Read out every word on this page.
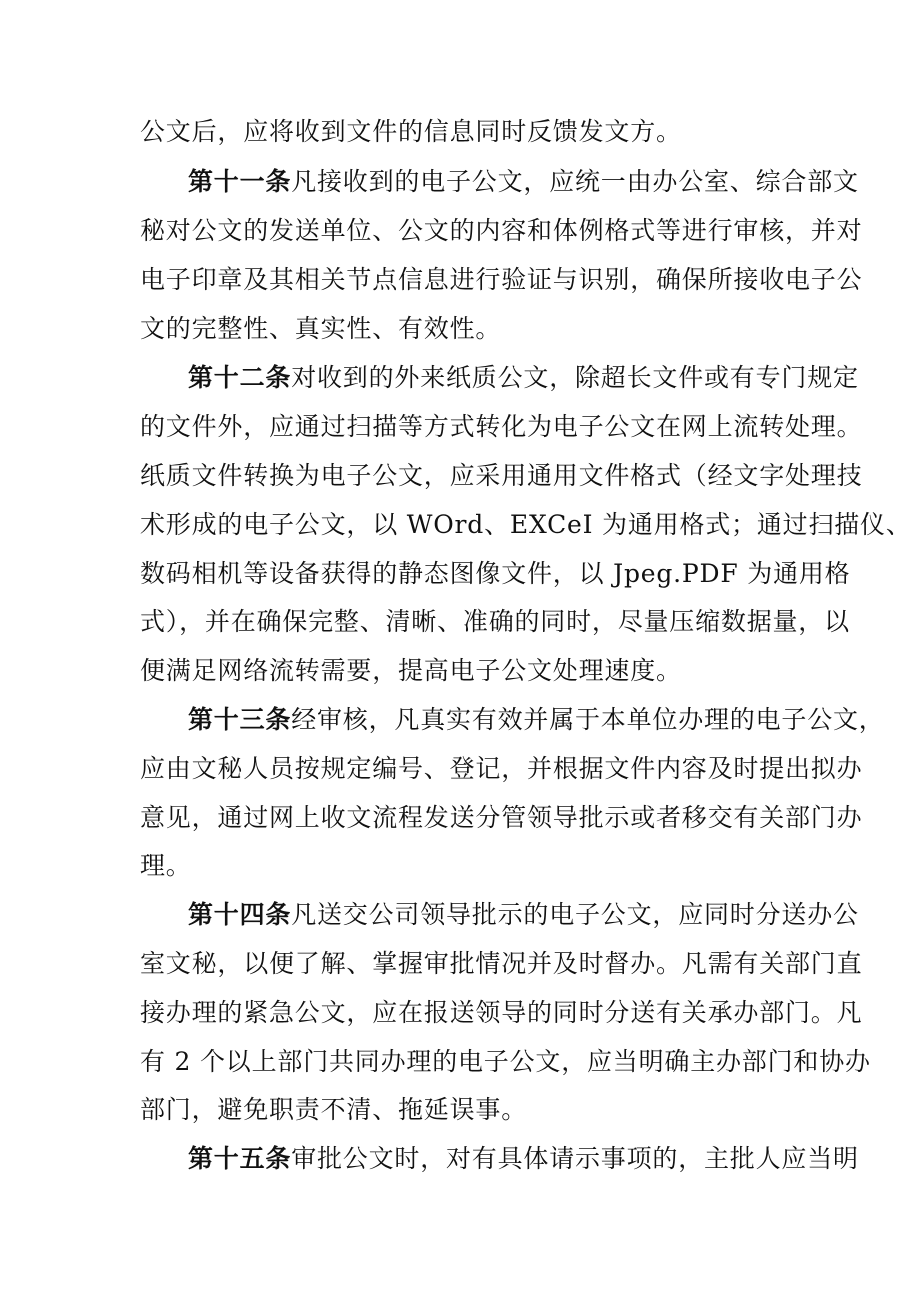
公文后，应将收到文件的信息同时反馈发文方。
第十一条凡接收到的电子公文，应统一由办公室、综合部文
秘对公文的发送单位、公文的内容和体例格式等进行审核，并对
电子印章及其相关节点信息进行验证与识别，确保所接收电子公
文的完整性、真实性、有效性。
第十二条对收到的外来纸质公文，除超长文件或有专门规定
的文件外，应通过扫描等方式转化为电子公文在网上流转处理。
纸质文件转换为电子公文，应采用通用文件格式（经文字处理技
术形成的电子公文，以 WOrd、EXCeI 为通用格式；通过扫描仪、
数码相机等设备获得的静态图像文件，以 Jpeg.PDF 为通用格
式），并在确保完整、清晰、准确的同时，尽量压缩数据量，以
便满足网络流转需要，提高电子公文处理速度。
第十三条经审核，凡真实有效并属于本单位办理的电子公文，
应由文秘人员按规定编号、登记，并根据文件内容及时提出拟办
意见，通过网上收文流程发送分管领导批示或者移交有关部门办
理。
第十四条凡送交公司领导批示的电子公文，应同时分送办公
室文秘，以便了解、掌握审批情况并及时督办。凡需有关部门直
接办理的紧急公文，应在报送领导的同时分送有关承办部门。凡
有 2 个以上部门共同办理的电子公文，应当明确主办部门和协办
部门，避免职责不清、拖延误事。
第十五条审批公文时，对有具体请示事项的，主批人应当明
